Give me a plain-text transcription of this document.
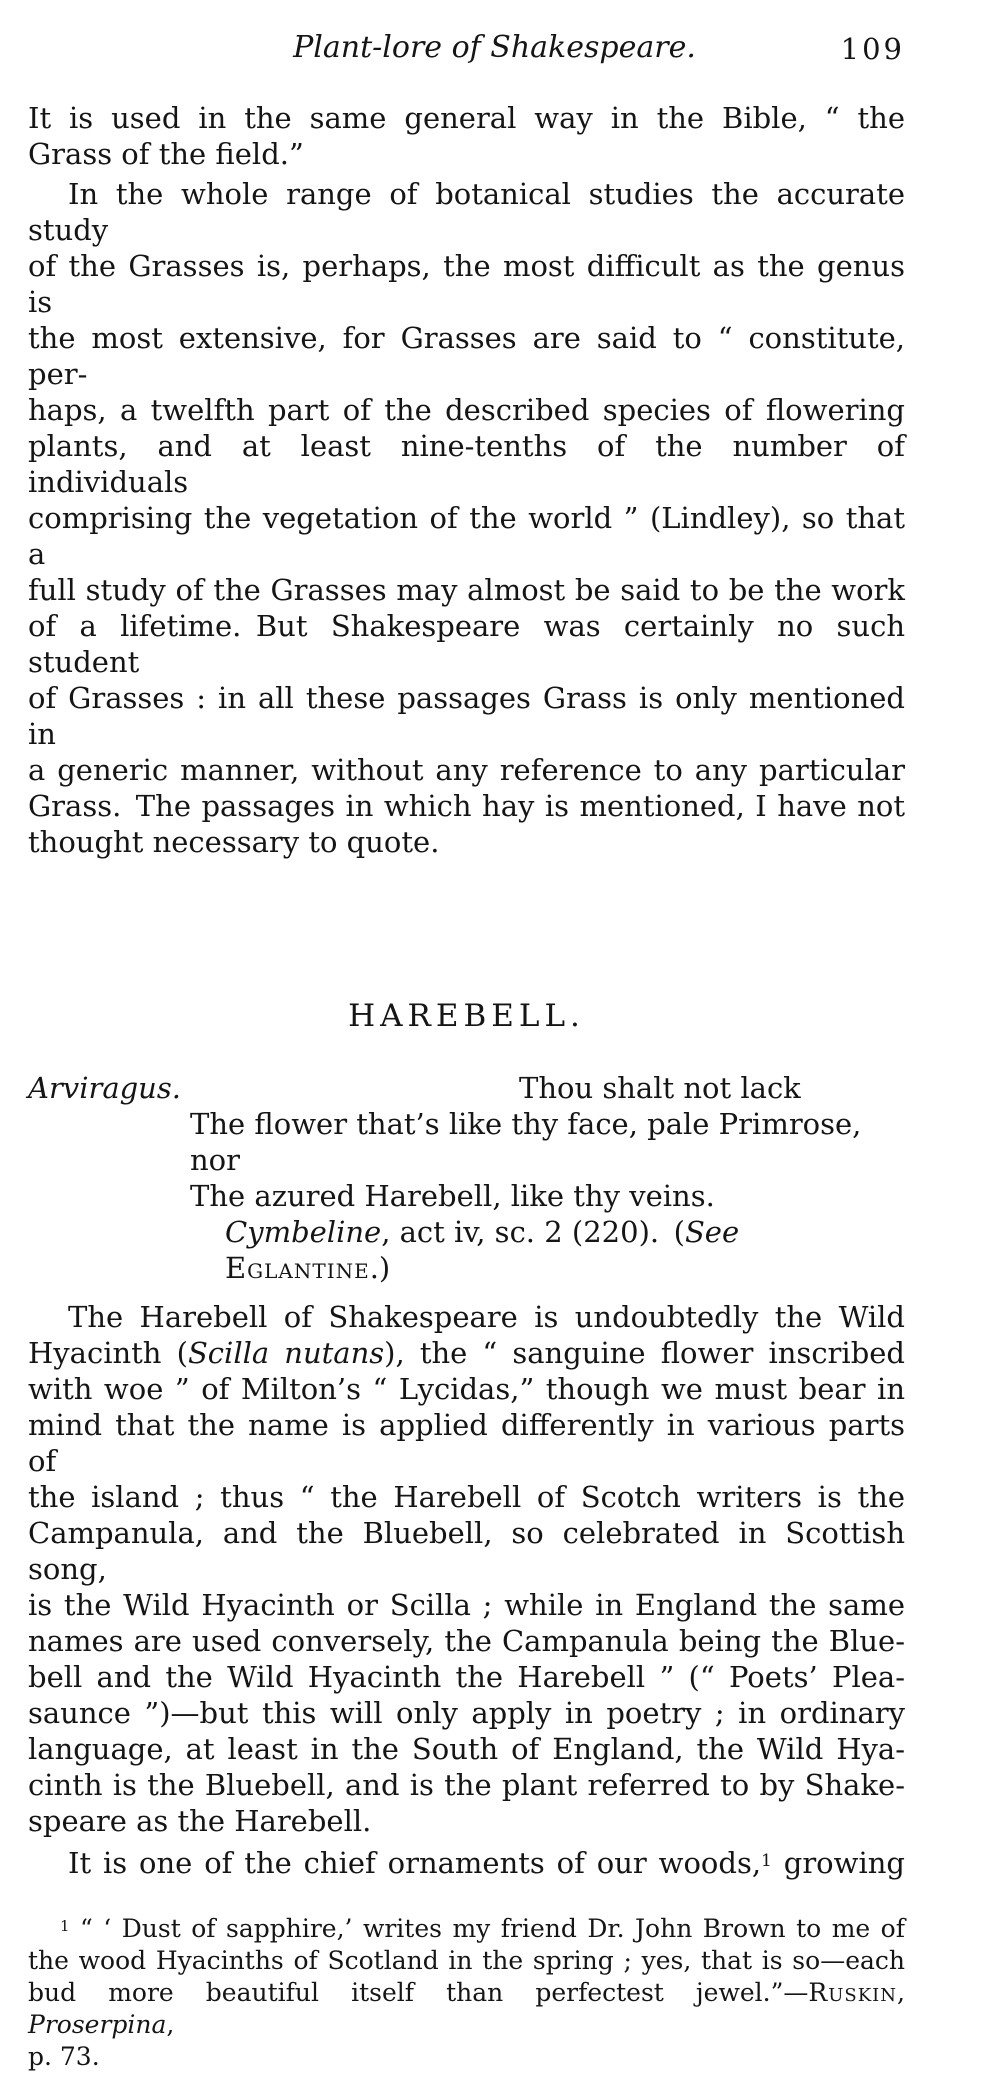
Plant-lore of Shakespeare.	109
It is used in the same general way in the Bible, “ the
Grass of the field.”
In the whole range of botanical studies the accurate study
of the Grasses is, perhaps, the most difficult as the genus is
the most extensive, for Grasses are said to “ constitute, per-
haps, a twelfth part of the described species of flowering
plants, and at least nine-tenths of the number of individuals
comprising the vegetation of the world ” (Lindley), so that a
full study of the Grasses may almost be said to be the work
of a lifetime. But Shakespeare was certainly no such student
of Grasses : in all these passages Grass is only mentioned in
a generic manner, without any reference to any particular
Grass. The passages in which hay is mentioned, I have not
thought necessary to quote.
HAREBELL.
Arviragus.	Thou shalt not lack
The flower that’s like thy face, pale Primrose, nor
The azured Harebell, like thy veins.
Cymbeline, act iv, sc. 2 (220). (See Eglantine.)
The Harebell of Shakespeare is undoubtedly the Wild
Hyacinth (Scilla nutans), the “ sanguine flower inscribed
with woe ” of Milton’s “ Lycidas,” though we must bear in
mind that the name is applied differently in various parts of
the island ; thus “ the Harebell of Scotch writers is the
Campanula, and the Bluebell, so celebrated in Scottish song,
is the Wild Hyacinth or Scilla ; while in England the same
names are used conversely, the Campanula being the Blue-
bell and the Wild Hyacinth the Harebell ” (“ Poets’ Plea-
saunce ”)—but this will only apply in poetry ; in ordinary
language, at least in the South of England, the Wild Hya-
cinth is the Bluebell, and is the plant referred to by Shake-
speare as the Harebell.
It is one of the chief ornaments of our woods,$^1$ growing
$^1$ “ ‘ Dust of sapphire,’ writes my friend Dr. John Brown to me of
the wood Hyacinths of Scotland in the spring ; yes, that is so—each
bud more beautiful itself than perfectest jewel.”—Ruskin, Proserpina,
p. 73.
